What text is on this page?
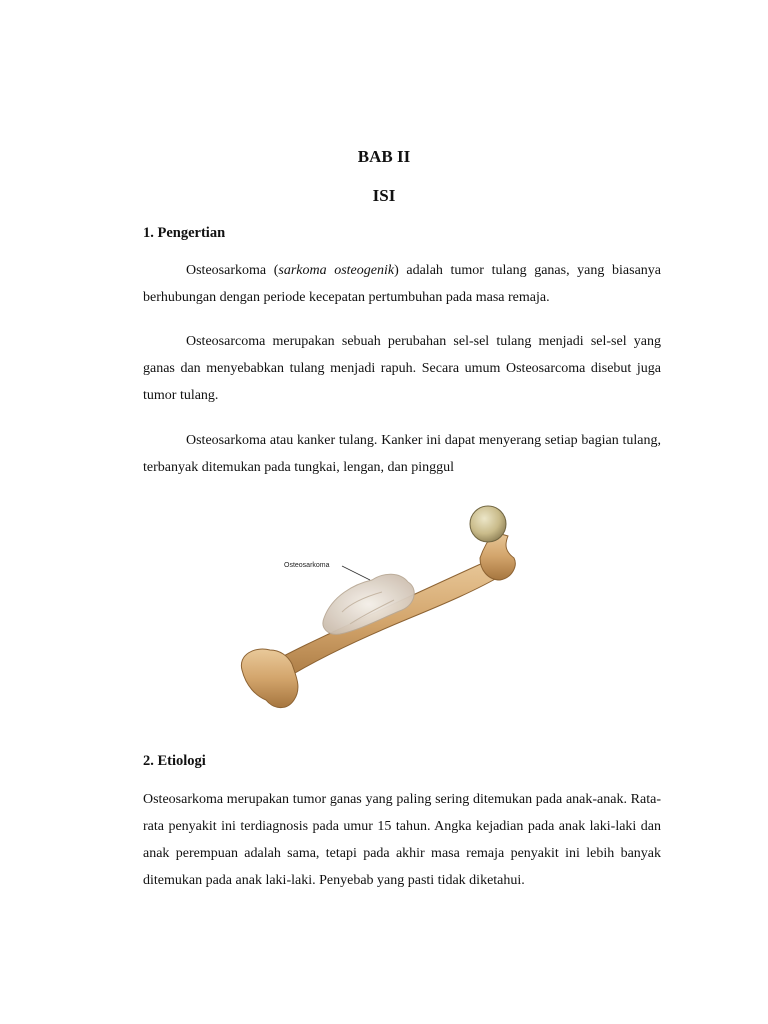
BAB II
ISI
1. Pengertian

Osteosarkoma (sarkoma osteogenik) adalah tumor tulang ganas, yang biasanya berhubungan dengan periode kecepatan pertumbuhan pada masa remaja.

Osteosarcoma merupakan sebuah perubahan sel-sel tulang menjadi sel-sel yang ganas dan menyebabkan tulang menjadi rapuh. Secara umum Osteosarcoma disebut juga tumor tulang.

Osteosarkoma atau kanker tulang. Kanker ini dapat menyerang setiap bagian tulang, terbanyak ditemukan pada tungkai, lengan, dan pinggul

Osteosarkoma
2. Etiologi

Osteosarkoma merupakan tumor ganas yang paling sering ditemukan pada anak-anak. Rata-rata penyakit ini terdiagnosis pada umur 15 tahun. Angka kejadian pada anak laki-laki dan anak perempuan adalah sama, tetapi pada akhir masa remaja penyakit ini lebih banyak ditemukan pada anak laki-laki. Penyebab yang pasti tidak diketahui.
